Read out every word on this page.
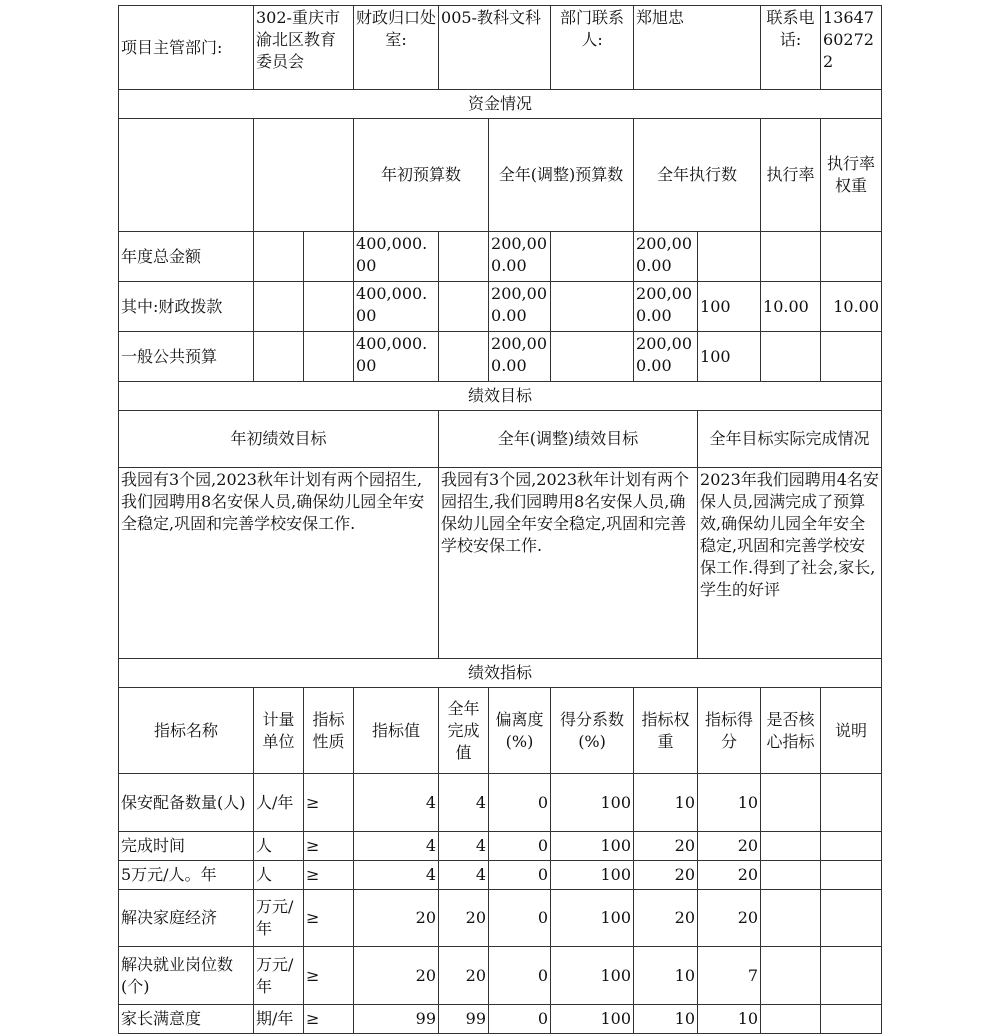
项目主管部门:	302-重庆市渝北区教育委员会		财政归口处室:	005-教科文科		部门联系人:	郑旭忠		联系电话:	13647602722	
资金情况											
			年初预算数		全年(调整)预算数		全年执行数		执行率	执行率权重	
年度总金额			400,000.00		200,000.00		200,000.00				
其中:财政拨款			400,000.00		200,000.00		200,000.00	100	10.00	10.00	
一般公共预算			400,000.00		200,000.00		200,000.00	100			
绩效目标											
年初绩效目标				全年(调整)绩效目标				全年目标实际完成情况			
我园有3个园,2023秋年计划有两个园招生,我们园聘用8名安保人员,确保幼儿园全年安全稳定,巩固和完善学校安保工作.				我园有3个园,2023秋年计划有两个园招生,我们园聘用8名安保人员,确保幼儿园全年安全稳定,巩固和完善学校安保工作.				2023年我们园聘用4名安保人员,园满完成了预算效,确保幼儿园全年安全稳定,巩固和完善学校安保工作.得到了社会,家长,学生的好评			
绩效指标											
指标名称	计量单位	指标性质	指标值	全年完成值	偏离度(%)	得分系数(%)	指标权重	指标得分	是否核心指标	说明	
保安配备数量(人)	人/年	≥	4	4	0	100	10	10			
完成时间	人	≥	4	4	0	100	20	20			
5万元/人。年	人	≥	4	4	0	100	20	20			
解决家庭经济	万元/年	≥	20	20	0	100	20	20			
解决就业岗位数(个)	万元/年	≥	20	20	0	100	10	7			
家长满意度	期/年	≥	99	99	0	100	10	10			
